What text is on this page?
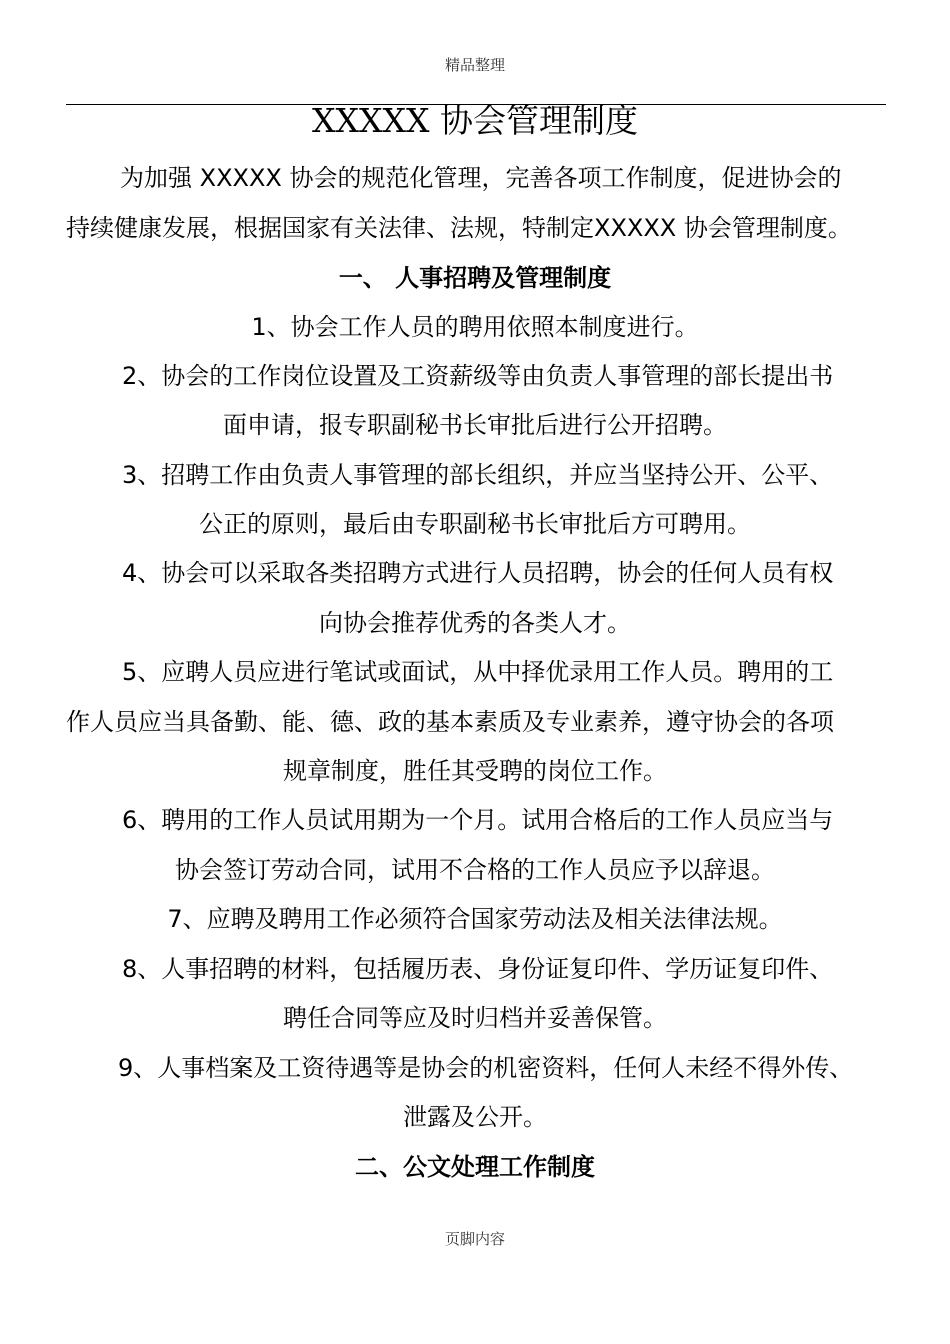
精品整理
XXXXX 协会管理制度
为加强 XXXXX 协会的规范化管理，完善各项工作制度，促进协会的
持续健康发展，根据国家有关法律、法规，特制定XXXXX 协会管理制度。
一、 人事招聘及管理制度
1、协会工作人员的聘用依照本制度进行。
2、协会的工作岗位设置及工资薪级等由负责人事管理的部长提出书
面申请，报专职副秘书长审批后进行公开招聘。
3、招聘工作由负责人事管理的部长组织，并应当坚持公开、公平、
公正的原则，最后由专职副秘书长审批后方可聘用。
4、协会可以采取各类招聘方式进行人员招聘，协会的任何人员有权
向协会推荐优秀的各类人才。
5、应聘人员应进行笔试或面试，从中择优录用工作人员。聘用的工
作人员应当具备勤、能、德、政的基本素质及专业素养，遵守协会的各项
规章制度，胜任其受聘的岗位工作。
6、聘用的工作人员试用期为一个月。试用合格后的工作人员应当与
协会签订劳动合同，试用不合格的工作人员应予以辞退。
7、应聘及聘用工作必须符合国家劳动法及相关法律法规。
8、人事招聘的材料，包括履历表、身份证复印件、学历证复印件、
聘任合同等应及时归档并妥善保管。
9、人事档案及工资待遇等是协会的机密资料，任何人未经不得外传、
泄露及公开。
二、公文处理工作制度
页脚内容
